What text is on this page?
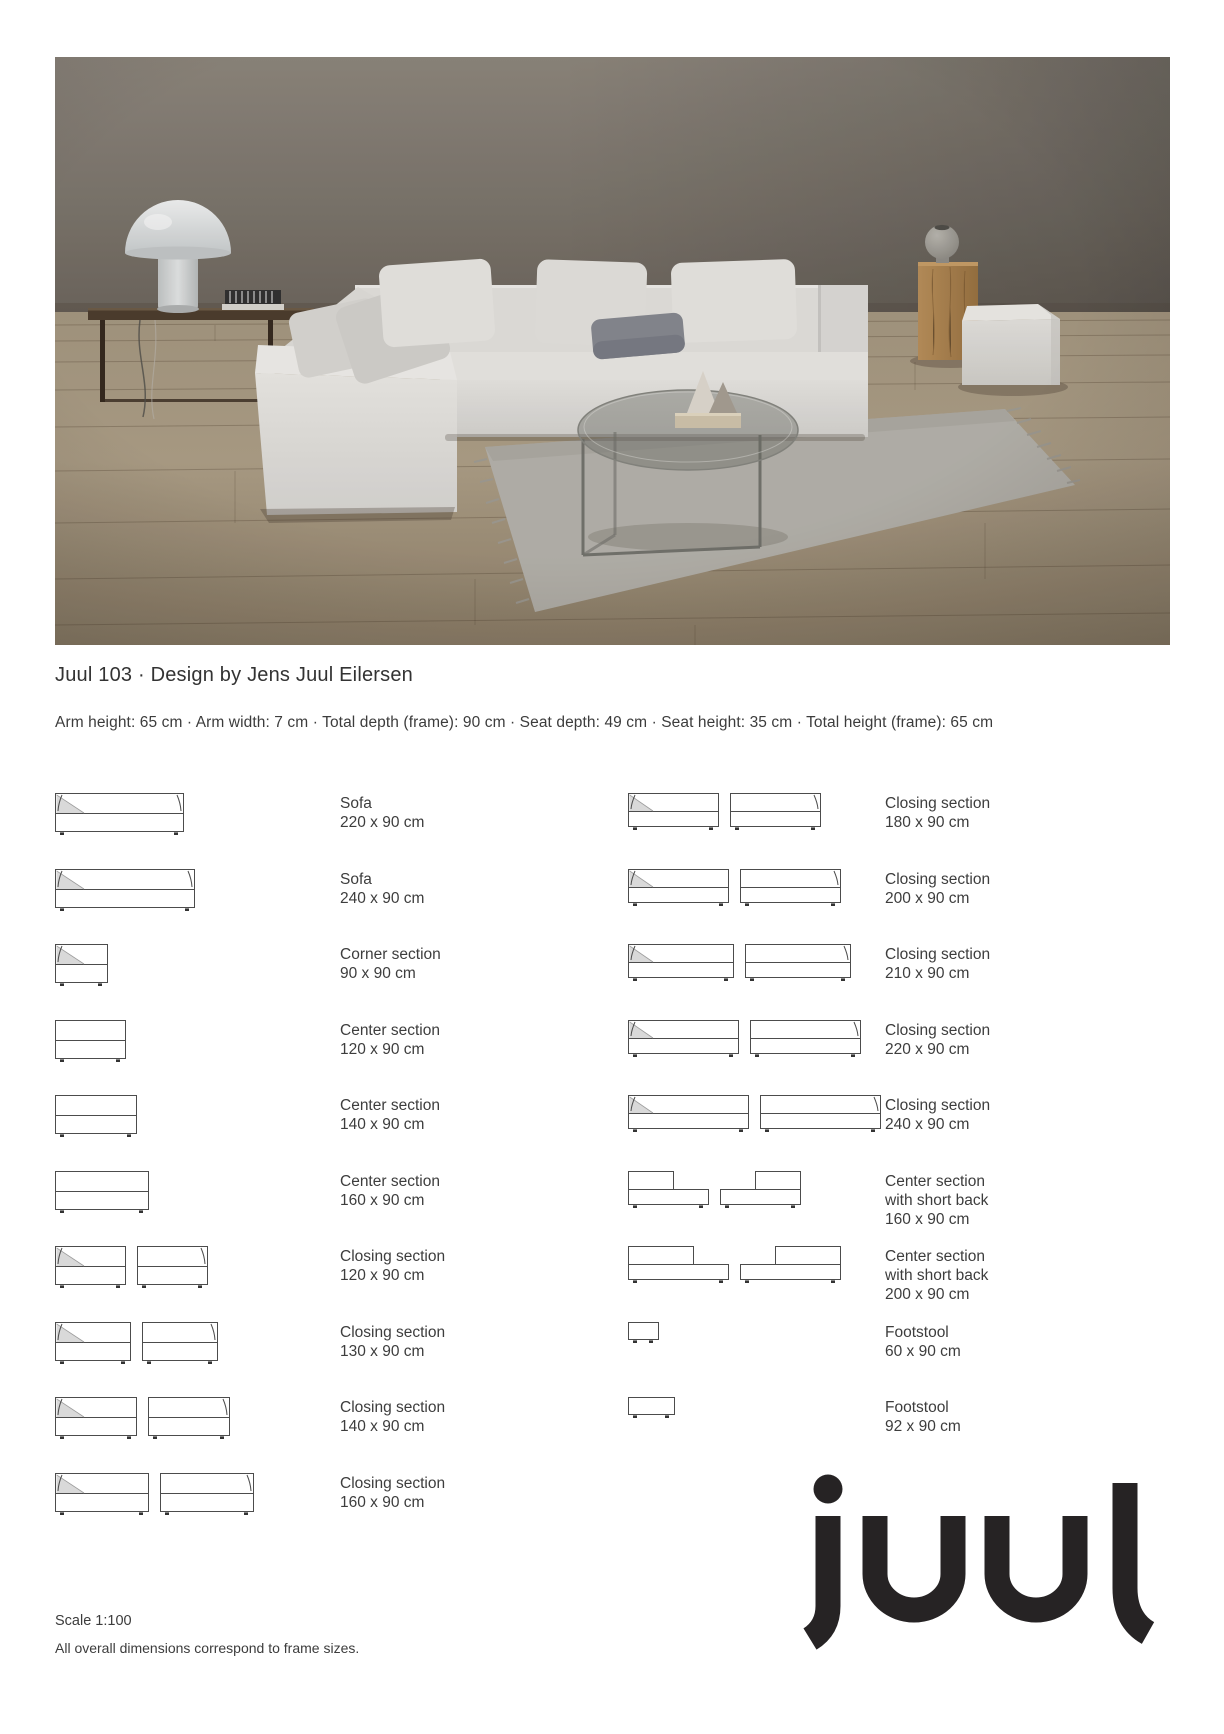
Juul 103 · Design by Jens Juul Eilersen
Arm height: 65 cm · Arm width: 7 cm · Total depth (frame): 90 cm · Seat depth: 49 cm · Seat height: 35 cm · Total height (frame): 65 cm
Sofa
220 x 90 cm
Sofa
240 x 90 cm
Corner section
90 x 90 cm
Center section
120 x 90 cm
Center section
140 x 90 cm
Center section
160 x 90 cm
Closing section
120 x 90 cm
Closing section
130 x 90 cm
Closing section
140 x 90 cm
Closing section
160 x 90 cm
Closing section
180 x 90 cm
Closing section
200 x 90 cm
Closing section
210 x 90 cm
Closing section
220 x 90 cm
Closing section
240 x 90 cm
Center section
with short back
160 x 90 cm
Center section
with short back
200 x 90 cm
Footstool
60 x 90 cm
Footstool
92 x 90 cm
Scale 1:100
All overall dimensions correspond to frame sizes.
